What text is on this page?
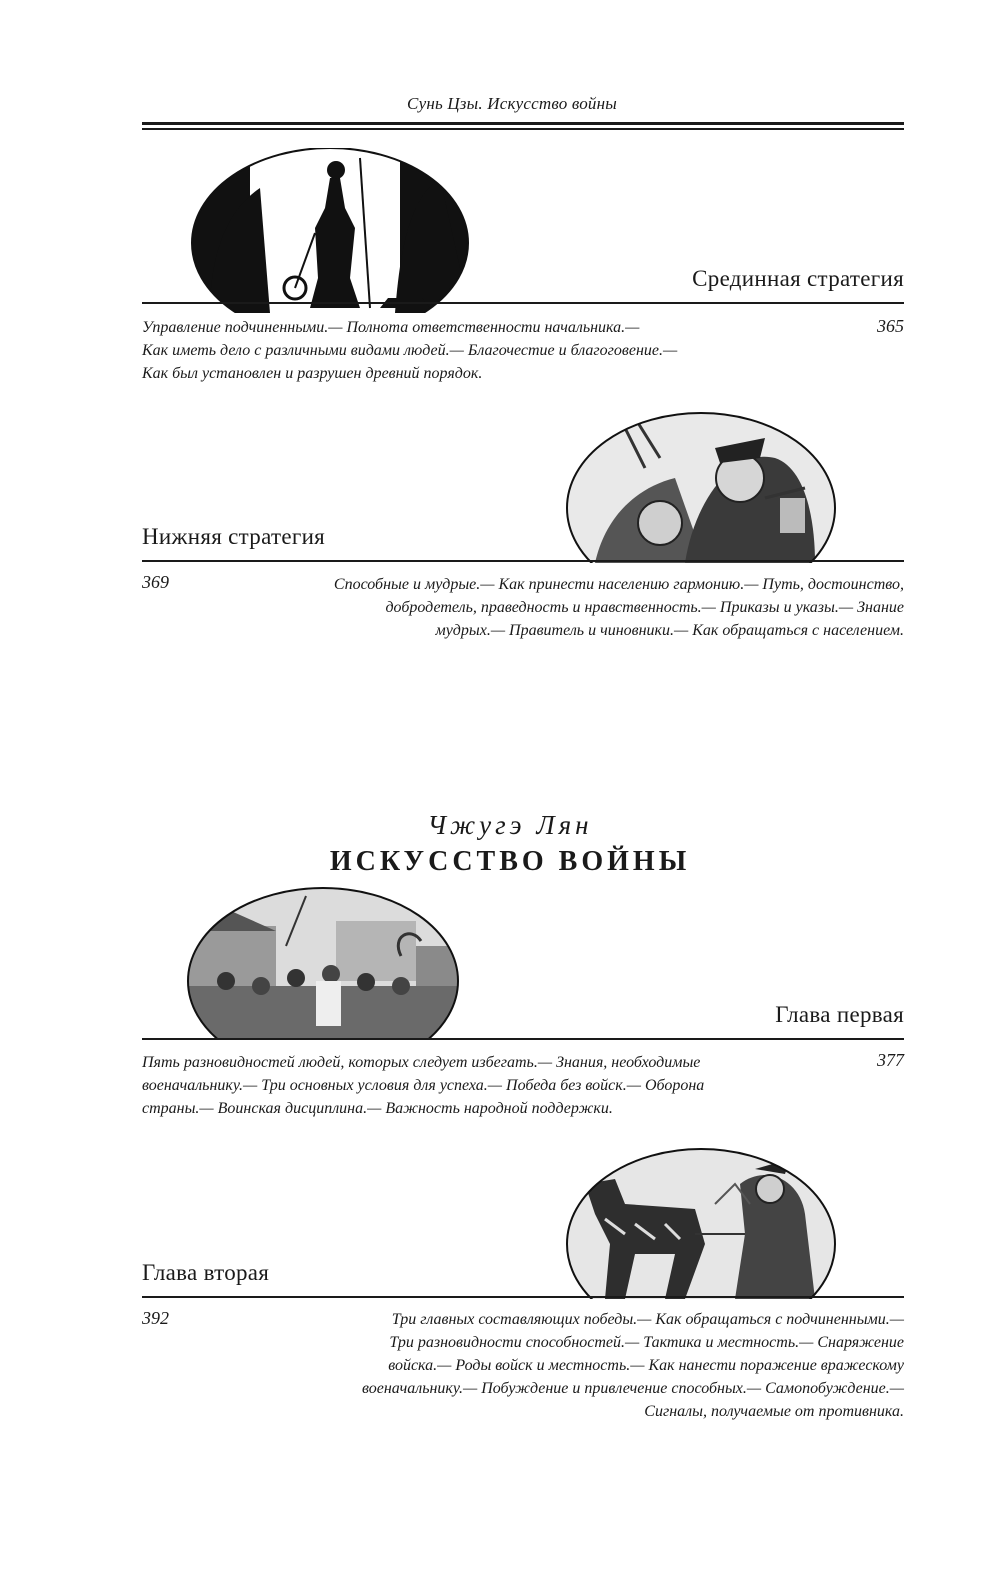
Сунь Цзы. Искусство войны
Срединная стратегия
365
Управление подчиненными.— Полнота ответственности начальника.—
Как иметь дело с различными видами людей.— Благочестие и благоговение.—
Как был установлен и разрушен древний порядок.
Нижняя стратегия
369	Способные и мудрые.— Как принести населению гармонию.— Путь, достоинство,
добродетель, праведность и нравственность.— Приказы и указы.— Знание
мудрых.— Правитель и чиновники.— Как обращаться с населением.
Чжугэ Лян
ИСКУССТВО ВОЙНЫ
Глава первая
377
Пять разновидностей людей, которых следует избегать.— Знания, необходимые
военачальнику.— Три основных условия для успеха.— Победа без войск.— Оборона
страны.— Воинская дисциплина.— Важность народной поддержки.
Глава вторая
392	Три главных составляющих победы.— Как обращаться с подчиненными.—
Три разновидности способностей.— Тактика и местность.— Снаряжение
войска.— Роды войск и местность.— Как нанести поражение вражескому
военачальнику.— Побуждение и привлечение способных.— Самопобуждение.—
Сигналы, получаемые от противника.
